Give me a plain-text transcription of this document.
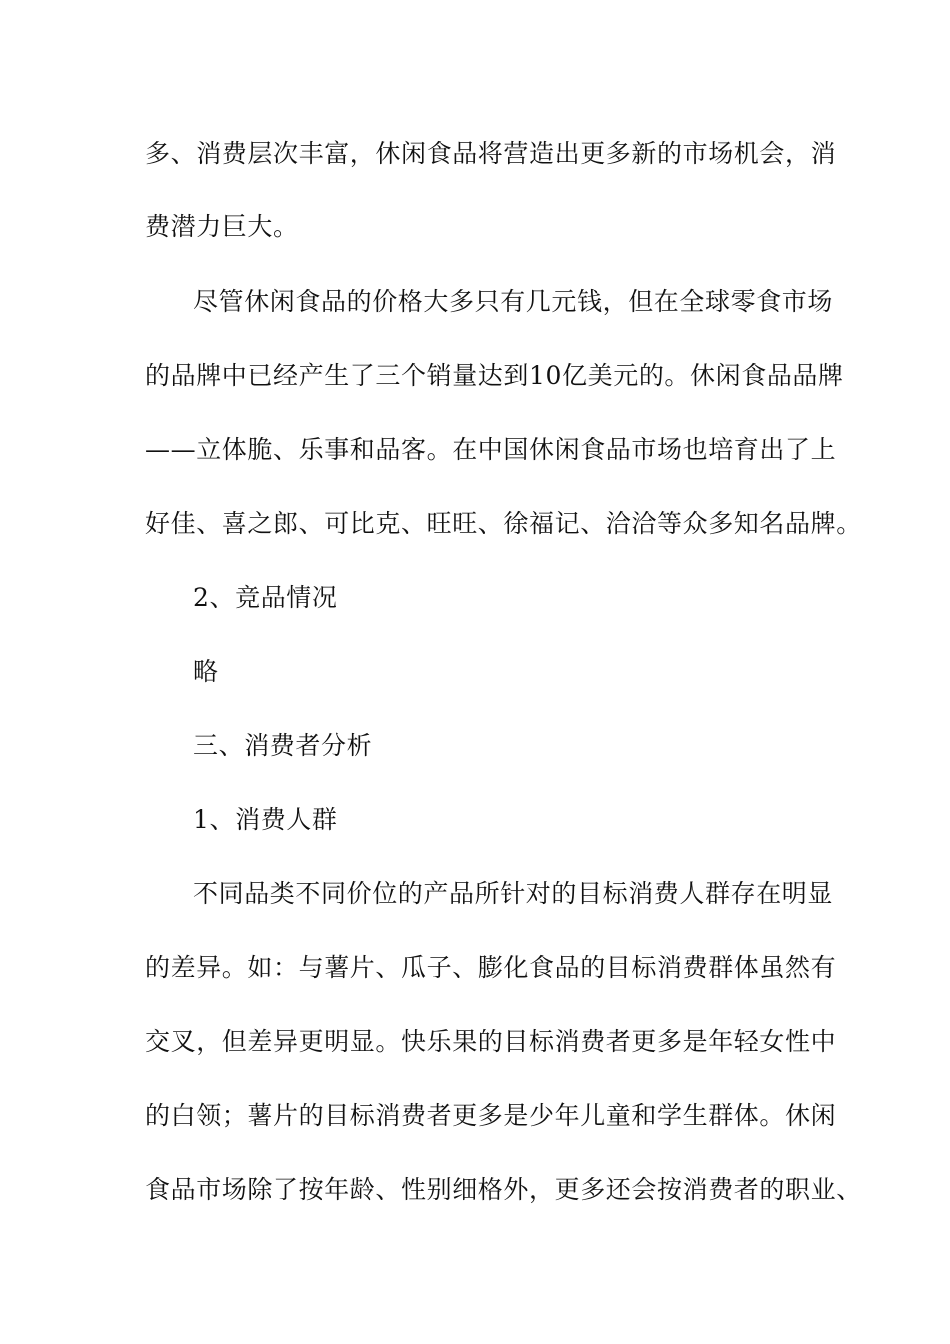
多、消费层次丰富，休闲食品将营造出更多新的市场机会，消
费潜力巨大。
尽管休闲食品的价格大多只有几元钱，但在全球零食市场
的品牌中已经产生了三个销量达到10亿美元的。休闲食品品牌
——立体脆、乐事和品客。在中国休闲食品市场也培育出了上
好佳、喜之郎、可比克、旺旺、徐福记、洽洽等众多知名品牌。
2、竞品情况
略
三、消费者分析
1、消费人群
不同品类不同价位的产品所针对的目标消费人群存在明显
的差异。如：与薯片、瓜子、膨化食品的目标消费群体虽然有
交叉，但差异更明显。快乐果的目标消费者更多是年轻女性中
的白领；薯片的目标消费者更多是少年儿童和学生群体。休闲
食品市场除了按年龄、性别细格外，更多还会按消费者的职业、
